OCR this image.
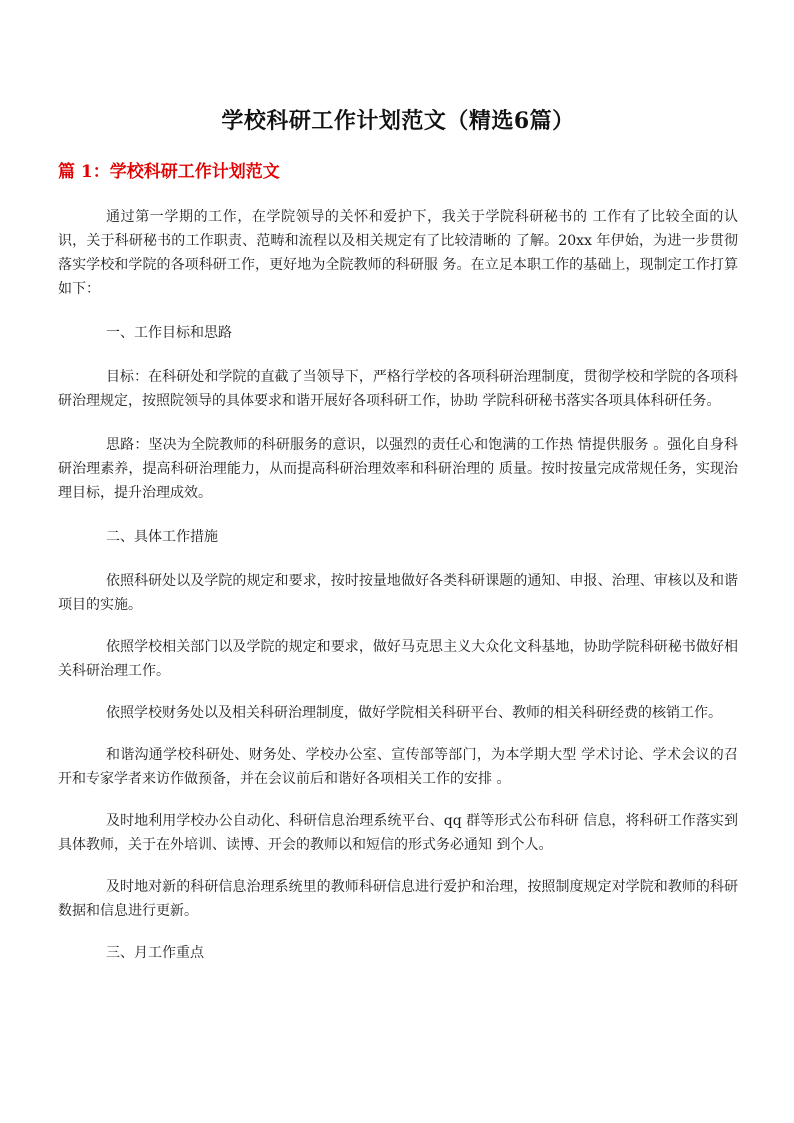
学校科研工作计划范文（精选6篇）
篇 1：学校科研工作计划范文

通过第一学期的工作，在学院领导的关怀和爱护下，我关于学院科研秘书的 工作有了比较全面的认识，关于科研秘书的工作职责、范畴和流程以及相关规定有了比较清晰的 了解。20xx 年伊始，为进一步贯彻落实学校和学院的各项科研工作，更好地为全院教师的科研服 务。在立足本职工作的基础上，现制定工作打算如下：

一、工作目标和思路

目标：在科研处和学院的直截了当领导下，严格行学校的各项科研治理制度，贯彻学校和学院的各项科研治理规定，按照院领导的具体要求和谐开展好各项科研工作，协助 学院科研秘书落实各项具体科研任务。

思路：坚决为全院教师的科研服务的意识，以强烈的责任心和饱满的工作热 情提供服务 。强化自身科研治理素养，提高科研治理能力，从而提高科研治理效率和科研治理的 质量。按时按量完成常规任务，实现治理目标，提升治理成效。

二、具体工作措施

依照科研处以及学院的规定和要求，按时按量地做好各类科研课题的通知、申报、治理、审核以及和谐项目的实施。

依照学校相关部门以及学院的规定和要求，做好马克思主义大众化文科基地，协助学院科研秘书做好相关科研治理工作。

依照学校财务处以及相关科研治理制度，做好学院相关科研平台、教师的相关科研经费的核销工作。

和谐沟通学校科研处、财务处、学校办公室、宣传部等部门，为本学期大型 学术讨论、学术会议的召开和专家学者来访作做预备，并在会议前后和谐好各项相关工作的安排 。

及时地利用学校办公自动化、科研信息治理系统平台、qq 群等形式公布科研 信息，将科研工作落实到具体教师，关于在外培训、读博、开会的教师以和短信的形式务必通知 到个人。

及时地对新的科研信息治理系统里的教师科研信息进行爱护和治理，按照制度规定对学院和教师的科研数据和信息进行更新。

三、月工作重点
